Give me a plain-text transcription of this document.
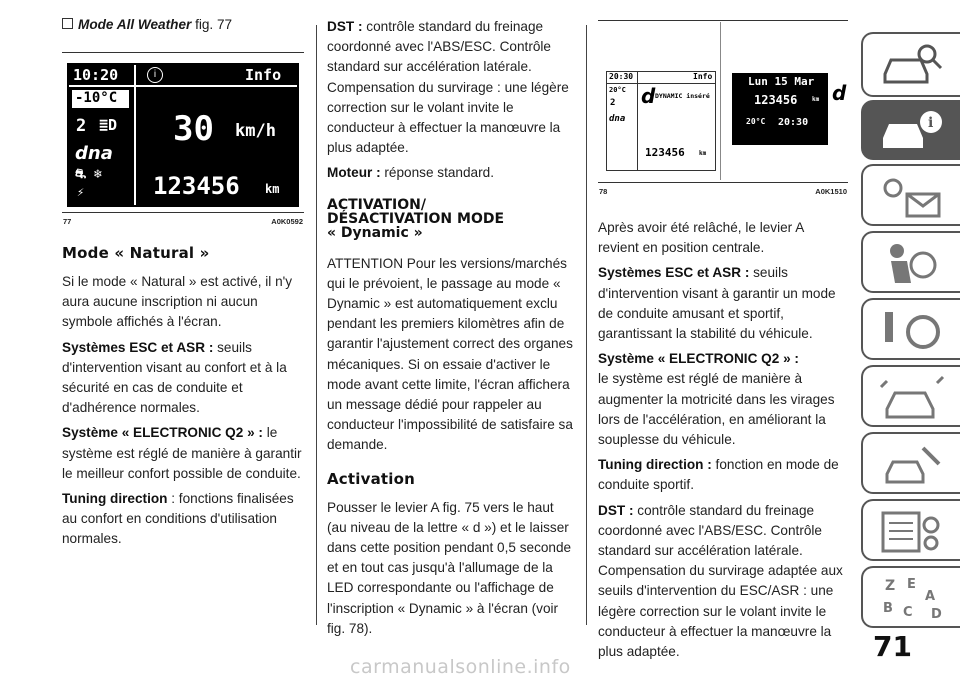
Mode All Weather fig. 77
10:20	i	Info
-10°C
2 ≣D
dna
⛐ ❄
⚡
30 km/h
123456 km
77	A0K0592
Mode « Natural »

Si le mode « Natural » est activé, il n'y aura aucune inscription ni aucun symbole affichés à l'écran.

Systèmes ESC et ASR : seuils d'intervention visant au confort et à la sécurité en cas de conduite et d'adhérence normales.

Système « ELECTRONIC Q2 » : le système est réglé de manière à garantir le meilleur confort possible de conduite.

Tuning direction : fonctions finalisées au confort en conditions d'utilisation normales.

DST : contrôle standard du freinage coordonné avec l'ABS/ESC. Contrôle standard sur accélération latérale. Compensation du survirage : une légère correction sur le volant invite le conducteur à effectuer la manœuvre la plus adaptée.

Moteur : réponse standard.

ACTIVATION/
DÉSACTIVATION MODE
« Dynamic »

ATTENTION Pour les versions/marchés qui le prévoient, le passage au mode « Dynamic » est automatiquement exclu pendant les premiers kilomètres afin de garantir l'ajustement correct des organes mécaniques. Si on essaie d'activer le mode avant cette limite, l'écran affichera un message dédié pour rappeler au conducteur l'impossibilité de satisfaire sa demande.

Activation

Pousser le levier A fig. 75 vers le haut (au niveau de la lettre « d ») et le laisser dans cette position pendant 0,5 seconde et en tout cas jusqu'à l'allumage de la LED correspondante ou l'affichage de l'inscription « Dynamic » à l'écran (voir fig. 78).

20:30	Info
20°C
2
dna
d DYNAMIC inséré
123456 km
Lun 15 Mar
123456 km
20°C 20:30
d
78	A0K1510

Après avoir été relâché, le levier A revient en position centrale.

Systèmes ESC et ASR : seuils d'intervention visant à garantir un mode de conduite amusant et sportif, garantissant la stabilité du véhicule.

Système « ELECTRONIC Q2 » :
le système est réglé de manière à augmenter la motricité dans les virages lors de l'accélération, en améliorant la souplesse du véhicule.

Tuning direction : fonction en mode de conduite sportif.

DST : contrôle standard du freinage coordonné avec l'ABS/ESC. Contrôle standard sur accélération latérale. Compensation du survirage adaptée aux seuils d'intervention du ESC/ASR : une légère correction sur le volant invite le conducteur à effectuer la manœuvre la plus adaptée.

i
Z E
A
B C D
71
carmanualsonline.info
